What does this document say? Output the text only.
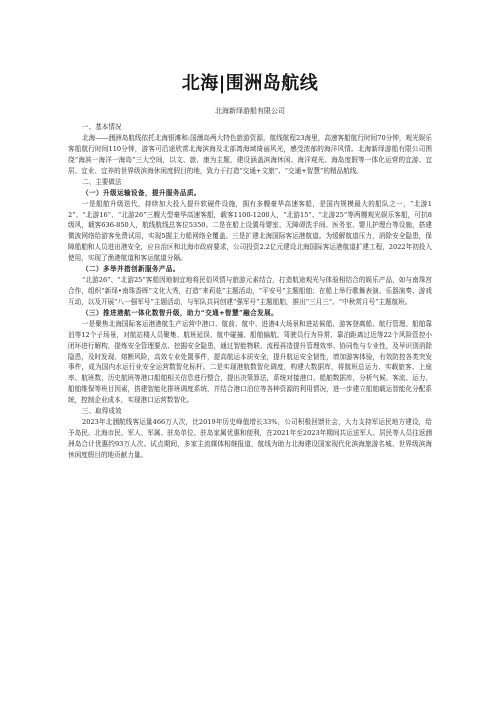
北海|围洲岛航线
北海新绎游船有限公司

一、基本情况

北海——涠洲岛航线依托北海银滩和:国涠岛两大特色旅游资源，航线航程23海里，高速客船航行时间70分钟，观光娱乐客船航行时间110分钟，游客可沿途欣赏北海滨海及北部湾海域绮丽风光，感受浓郁的海洋风情。北海新绎游船有限公司围绕“海滨一海洋一海岛”三大空间，以文、旅、康为主题，建设涵盖滨海休闲、海洋观光、海岛度假等一体化运营的宜游、宜居、宜业、宜养的世界级滨海休闲度假目的地，致力于打造“交通+文旅”、“交通+智慧”的精品航线。

二、主要做法

（一）升级运输设备，提升服务品质。

一是船舶升级迭代，持续加大投入提升软硬件设施，拥有多艘豪华高速客船，是国内规模最大的船队之一，“北游12”、“北游16”、“北游26”三艘大型豪华高速客船，载客1100-1200人，“北游15”、“北游25”等两艘观光娱乐客船，可抗8级风，载客636-850人，航线航线总客位5350。二是在船上设置母婴室、无障碍洗手间、医务室、婴儿护理台等设施，搭建微波网络给游客免费试用，实现5握主力船网络全覆盖。三是扩建北海国际客运港航道。为缓解航道压力，消除安全隐患，保障船舶和人员进出港安全，应自治区和北海市政府要求，公司投资2.2亿元建设北海国际客运港航道扩建工程，2022年初投入使用，实现了渔港航道和客运航道分隔。

（二）多举并措创新服务产品。

“北游26”、“北游25”客船因地制宜地将民俗风情与旅游元素结合，打造航途观光与体验相结合的娱乐产品，如与南珠宫合作，组织“新绎•南珠香晖”文化大秀，打造“来莉花”主题活动，“平安号”主题船舶；在船上举行歌舞表演、乐器演奏、游戏互动，以及开展“八一强军号”主题活动，与军队共同创建“强军号”主题船舶，推出“三月三”、“中秋赏月号”主题航班。

（三）推进港航一体化数智升级，助力“交通+智慧”融合发展。

一是聚焦北海国际客运港港航生产运营中港口、航前、航中、进港4大场景和进站候船、游客登离船、航行管理、船舶靠泊等12个子场景，对航站楼人员聚集、航班延误、航中碰撞、船舶偏航、驾驶员行为异常、靠泊距离过近等22个风险管控小闭环进行解构，提炼安全管理要点、挖掘安全隐患，通过智能物联、流程再造提升管理效率、协同性与专业性，及早识别消除隐患，及时发现、熔断风险，高效专业处置事件，提高航运本质安全，提升航运安全韧性，增加游客体验，有效防控各类突发事件，成为国内水运行业安全运营数智化标杆。二是实现港航数智化调度，构建大数据库，将航班总运力、实载旅客、上座率、航班数、历史航班等港口船舶相关信息进行整合，提出决策算法，系统对接港口、船舶数据库，分析气候、客流、运力、船舶维保等班目因素，搭建智能化排班调度系统，并结合港口泊位等各种资源的利用情况，进一步建立船舶载运智能化分配系统，控制企业成本，实现港口运营数智化。

三、取得成效

2023年北涠航线客运量466万人次，比2019年历史峰值增长33%，公司积极回馈社会，大力支持军运民地方建设，给予岛民、北海市民、军人、军属、驻岛单位、驻岛家属优惠和便利，在2021年至2023年期间共运送军人、居民等人员往返涠洲岛合计优惠约93万人次。试点期间，多家主流媒体相继报道，航线为助力北海建设国家现代化滨海旅游名城、世界级滨海休闲度假目的地贡献力量。
